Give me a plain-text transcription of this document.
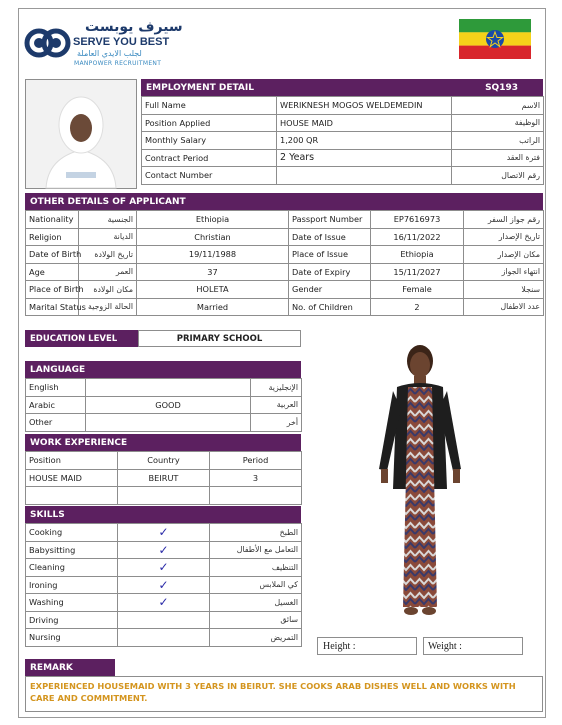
سيرف يوبست
SERVE YOU BEST
لجلب الايدي العاملة
MANPOWER RECRUITMENT
EMPLOYMENT DETAIL	SQ193
Full Name	WERIKNESH MOGOS WELDEMEDIN	الاسم
Position Applied	HOUSE MAID	الوظيفة
Monthly Salary	1,200 QR	الراتب
Contract Period	2 Years	فترة العقد
Contact Number		رقم الاتصال
OTHER DETAILS OF APPLICANT
Nationality	الجنسية	Ethiopia	Passport Number	EP7616973	رقم جواز السفر
Religion	الديانة	Christian	Date of Issue	16/11/2022	تاريخ الإصدار
Date of Birth	تاريخ الولادة	19/11/1988	Place of Issue	Ethiopia	مكان الإصدار
Age	العمر	37	Date of Expiry	15/11/2027	انتهاء الجواز
Place of Birth	مكان الولادة	HOLETA	Gender	Female	سنجلا
Marital Status	الحالة الزوجية	Married	No. of Children	2	عدد الاطفال
EDUCATION LEVEL	PRIMARY SCHOOL
LANGUAGE
English		الإنجليزية
Arabic	GOOD	العربية
Other		أخر
WORK EXPERIENCE
Position	Country	Period
HOUSE MAID	BEIRUT	3

SKILLS
Cooking	✓	الطبخ
Babysitting	✓	التعامل مع الأطفال
Cleaning	✓	التنظيف
Ironing	✓	كي الملابس
Washing	✓	الغسيل
Driving		سائق
Nursing		التمريض
Height :	Weight :
REMARK
EXPERIENCED HOUSEMAID WITH 3 YEARS IN BEIRUT. SHE COOKS ARAB DISHES WELL AND WORKS WITH CARE AND COMMITMENT.
